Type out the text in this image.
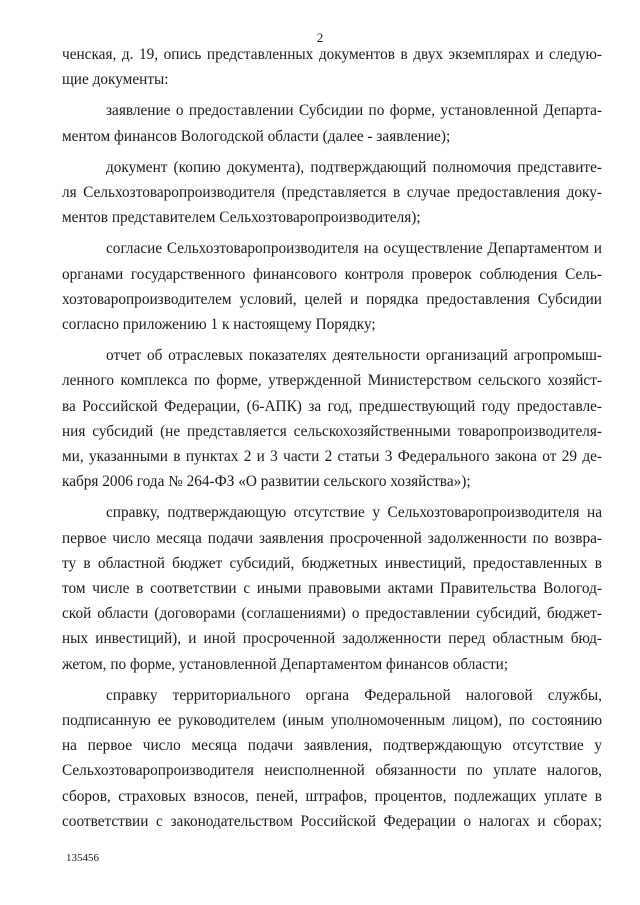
2
ченская, д. 19, опись представленных документов в двух экземплярах и следую-
щие документы:
заявление о предоставлении Субсидии по форме, установленной Департа-
ментом финансов Вологодской области (далее - заявление);
документ (копию документа), подтверждающий полномочия представите-
ля Сельхозтоваропроизводителя (представляется в случае предоставления доку-
ментов представителем Сельхозтоваропроизводителя);
согласие Сельхозтоваропроизводителя на осуществление Департаментом и
органами государственного финансового контроля проверок соблюдения Сель-
хозтоваропроизводителем условий, целей и порядка предоставления Субсидии
согласно приложению 1 к настоящему Порядку;
отчет об отраслевых показателях деятельности организаций агропромыш-
ленного комплекса по форме, утвержденной Министерством сельского хозяйст-
ва Российской Федерации, (6-АПК) за год, предшествующий году предоставле-
ния субсидий (не представляется сельскохозяйственными товаропроизводителя-
ми, указанными в пунктах 2 и 3 части 2 статьи 3 Федерального закона от 29 де-
кабря 2006 года № 264-ФЗ «О развитии сельского хозяйства»);
справку, подтверждающую отсутствие у Сельхозтоваропроизводителя на
первое число месяца подачи заявления просроченной задолженности по возвра-
ту в областной бюджет субсидий, бюджетных инвестиций, предоставленных в
том числе в соответствии с иными правовыми актами Правительства Вологод-
ской области (договорами (соглашениями) о предоставлении субсидий, бюджет-
ных инвестиций), и иной просроченной задолженности перед областным бюд-
жетом, по форме, установленной Департаментом финансов области;
справку территориального органа Федеральной налоговой службы,
подписанную ее руководителем (иным уполномоченным лицом), по состоянию
на первое число месяца подачи заявления, подтверждающую отсутствие у
Сельхозтоваропроизводителя неисполненной обязанности по уплате налогов,
сборов, страховых взносов, пеней, штрафов, процентов, подлежащих уплате в
соответствии с законодательством Российской Федерации о налогах и сборах;
135456
